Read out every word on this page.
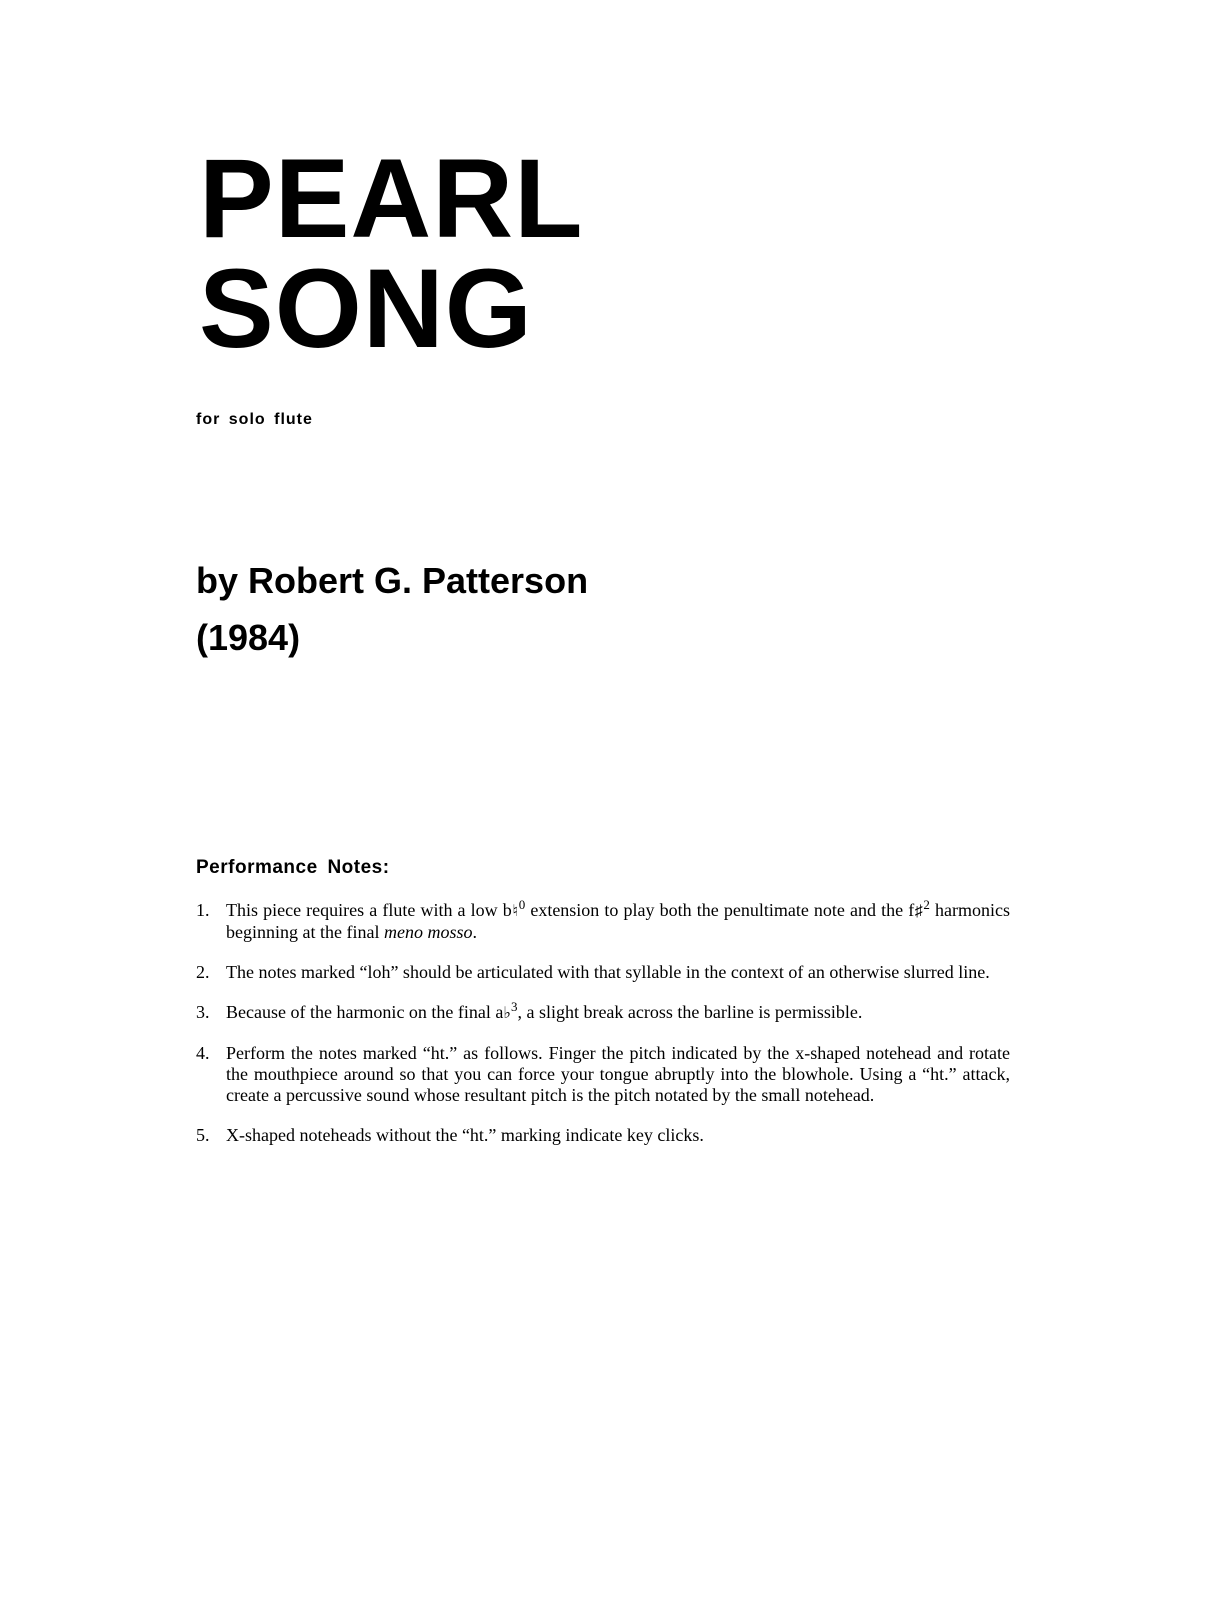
PEARL
SONG

for solo flute

by Robert G. Patterson
(1984)
Performance Notes:
1. This piece requires a flute with a low b♮$^0$ extension to play both the penultimate note and the f♯$^2$ harmonics beginning at the final meno mosso.
2. The notes marked “loh” should be articulated with that syllable in the context of an otherwise slurred line.
3. Because of the harmonic on the final a♭$^3$, a slight break across the barline is permissible.
4. Perform the notes marked “ht.” as follows. Finger the pitch indicated by the x-shaped notehead and rotate the mouthpiece around so that you can force your tongue abruptly into the blowhole. Using a “ht.” attack, create a percussive sound whose resultant pitch is the pitch notated by the small notehead.
5. X-shaped noteheads without the “ht.” marking indicate key clicks.
